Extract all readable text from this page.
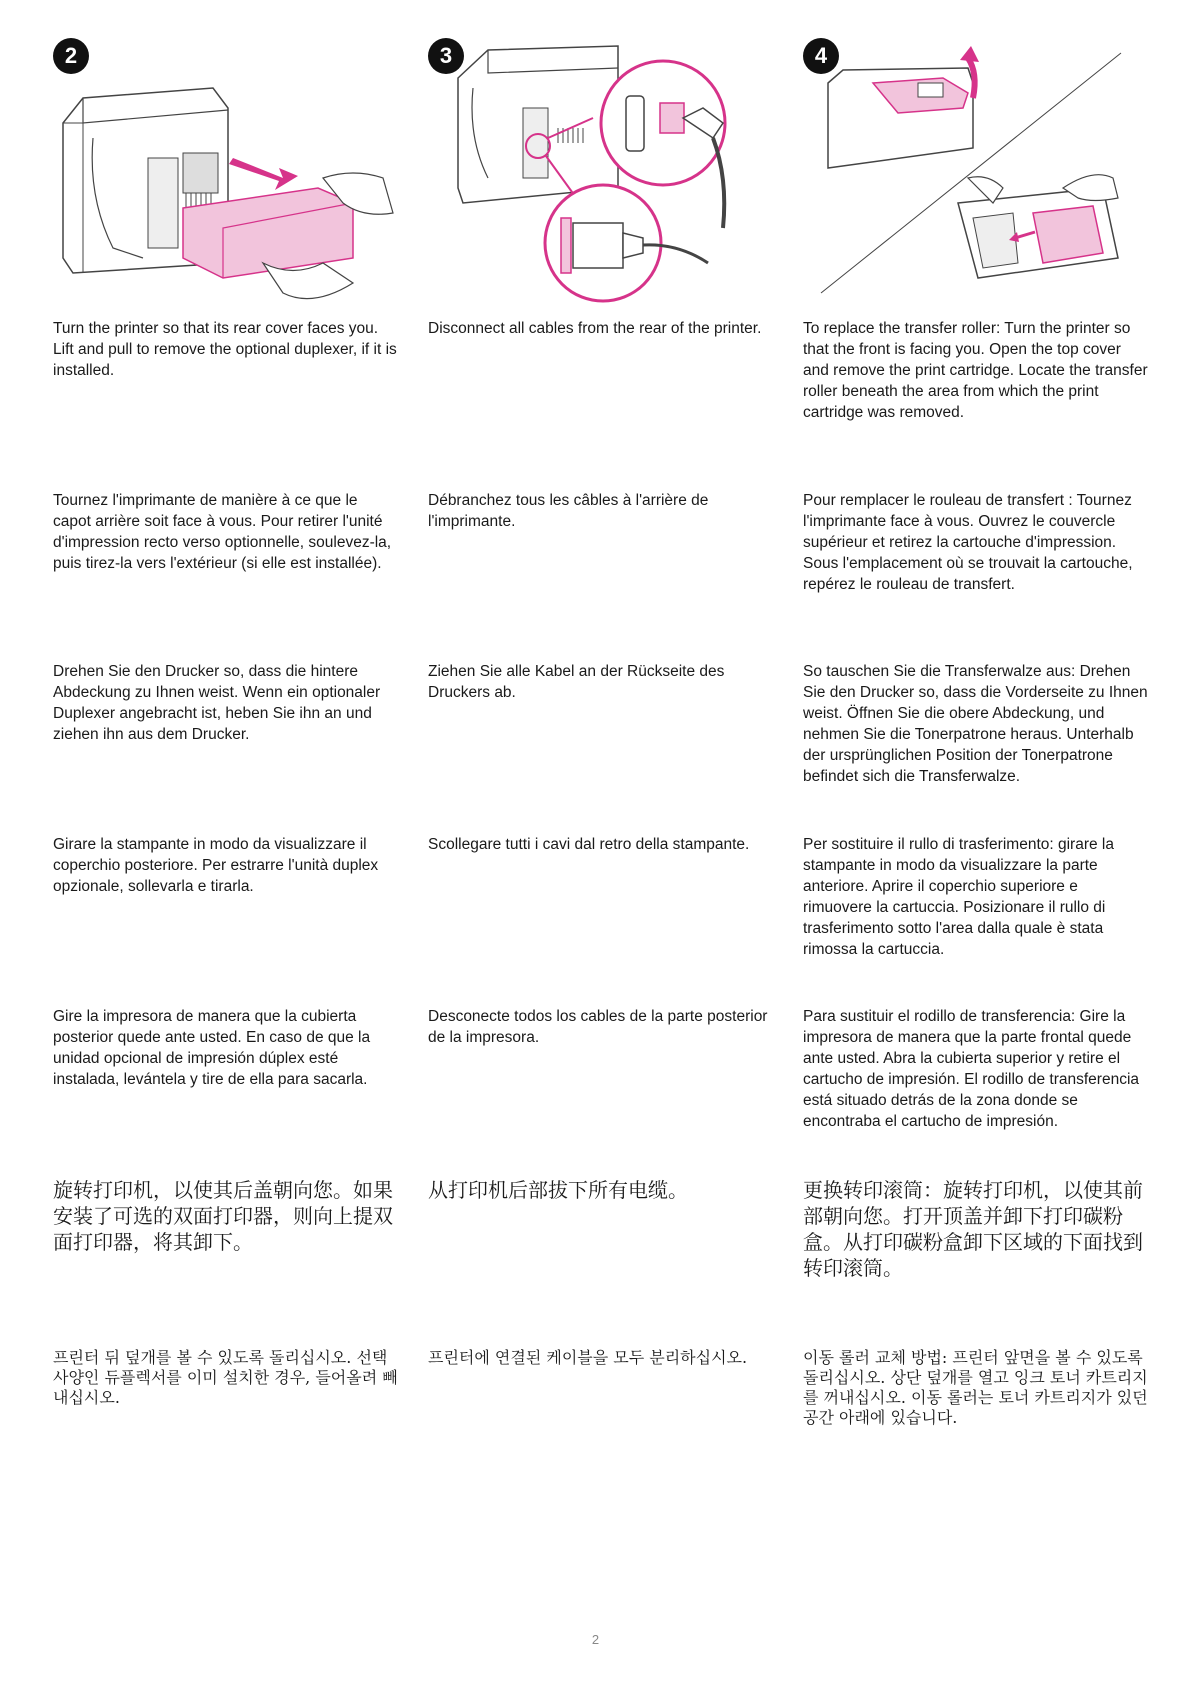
2

Turn the printer so that its rear cover faces you. Lift and pull to remove the optional duplexer, if it is installed.

Tournez l'imprimante de manière à ce que le capot arrière soit face à vous. Pour retirer l'unité d'impression recto verso optionnelle, soulevez-la, puis tirez-la vers l'extérieur (si elle est installée).

Drehen Sie den Drucker so, dass die hintere Abdeckung zu Ihnen weist. Wenn ein optionaler Duplexer angebracht ist, heben Sie ihn an und ziehen ihn aus dem Drucker.

Girare la stampante in modo da visualizzare il coperchio posteriore. Per estrarre l'unità duplex opzionale, sollevarla e tirarla.

Gire la impresora de manera que la cubierta posterior quede ante usted. En caso de que la unidad opcional de impresión dúplex esté instalada, levántela y tire de ella para sacarla.

旋转打印机，以使其后盖朝向您。如果安装了可选的双面打印器，则向上提双面打印器，将其卸下。

프린터 뒤 덮개를 볼 수 있도록 돌리십시오. 선택사양인 듀플렉서를 이미 설치한 경우, 들어올려 빼내십시오.

3

Disconnect all cables from the rear of the printer.

Débranchez tous les câbles à l'arrière de l'imprimante.

Ziehen Sie alle Kabel an der Rückseite des Druckers ab.

Scollegare tutti i cavi dal retro della stampante.

Desconecte todos los cables de la parte posterior de la impresora.

从打印机后部拔下所有电缆。

프린터에 연결된 케이블을 모두 분리하십시오.

4

To replace the transfer roller: Turn the printer so that the front is facing you. Open the top cover and remove the print cartridge. Locate the transfer roller beneath the area from which the print cartridge was removed.

Pour remplacer le rouleau de transfert : Tournez l'imprimante face à vous. Ouvrez le couvercle supérieur et retirez la cartouche d'impression. Sous l'emplacement où se trouvait la cartouche, repérez le rouleau de transfert.

So tauschen Sie die Transferwalze aus: Drehen Sie den Drucker so, dass die Vorderseite zu Ihnen weist. Öffnen Sie die obere Abdeckung, und nehmen Sie die Tonerpatrone heraus. Unterhalb der ursprünglichen Position der Tonerpatrone befindet sich die Transferwalze.

Per sostituire il rullo di trasferimento: girare la stampante in modo da visualizzare la parte anteriore. Aprire il coperchio superiore e rimuovere la cartuccia. Posizionare il rullo di trasferimento sotto l'area dalla quale è stata rimossa la cartuccia.

Para sustituir el rodillo de transferencia: Gire la impresora de manera que la parte frontal quede ante usted. Abra la cubierta superior y retire el cartucho de impresión. El rodillo de transferencia está situado detrás de la zona donde se encontraba el cartucho de impresión.

更换转印滚筒：旋转打印机，以使其前部朝向您。打开顶盖并卸下打印碳粉盒。从打印碳粉盒卸下区域的下面找到转印滚筒。

이동 롤러 교체 방법: 프린터 앞면을 볼 수 있도록 돌리십시오. 상단 덮개를 열고 잉크 토너 카트리지를 꺼내십시오. 이동 롤러는 토너 카트리지가 있던 공간 아래에 있습니다.

2
